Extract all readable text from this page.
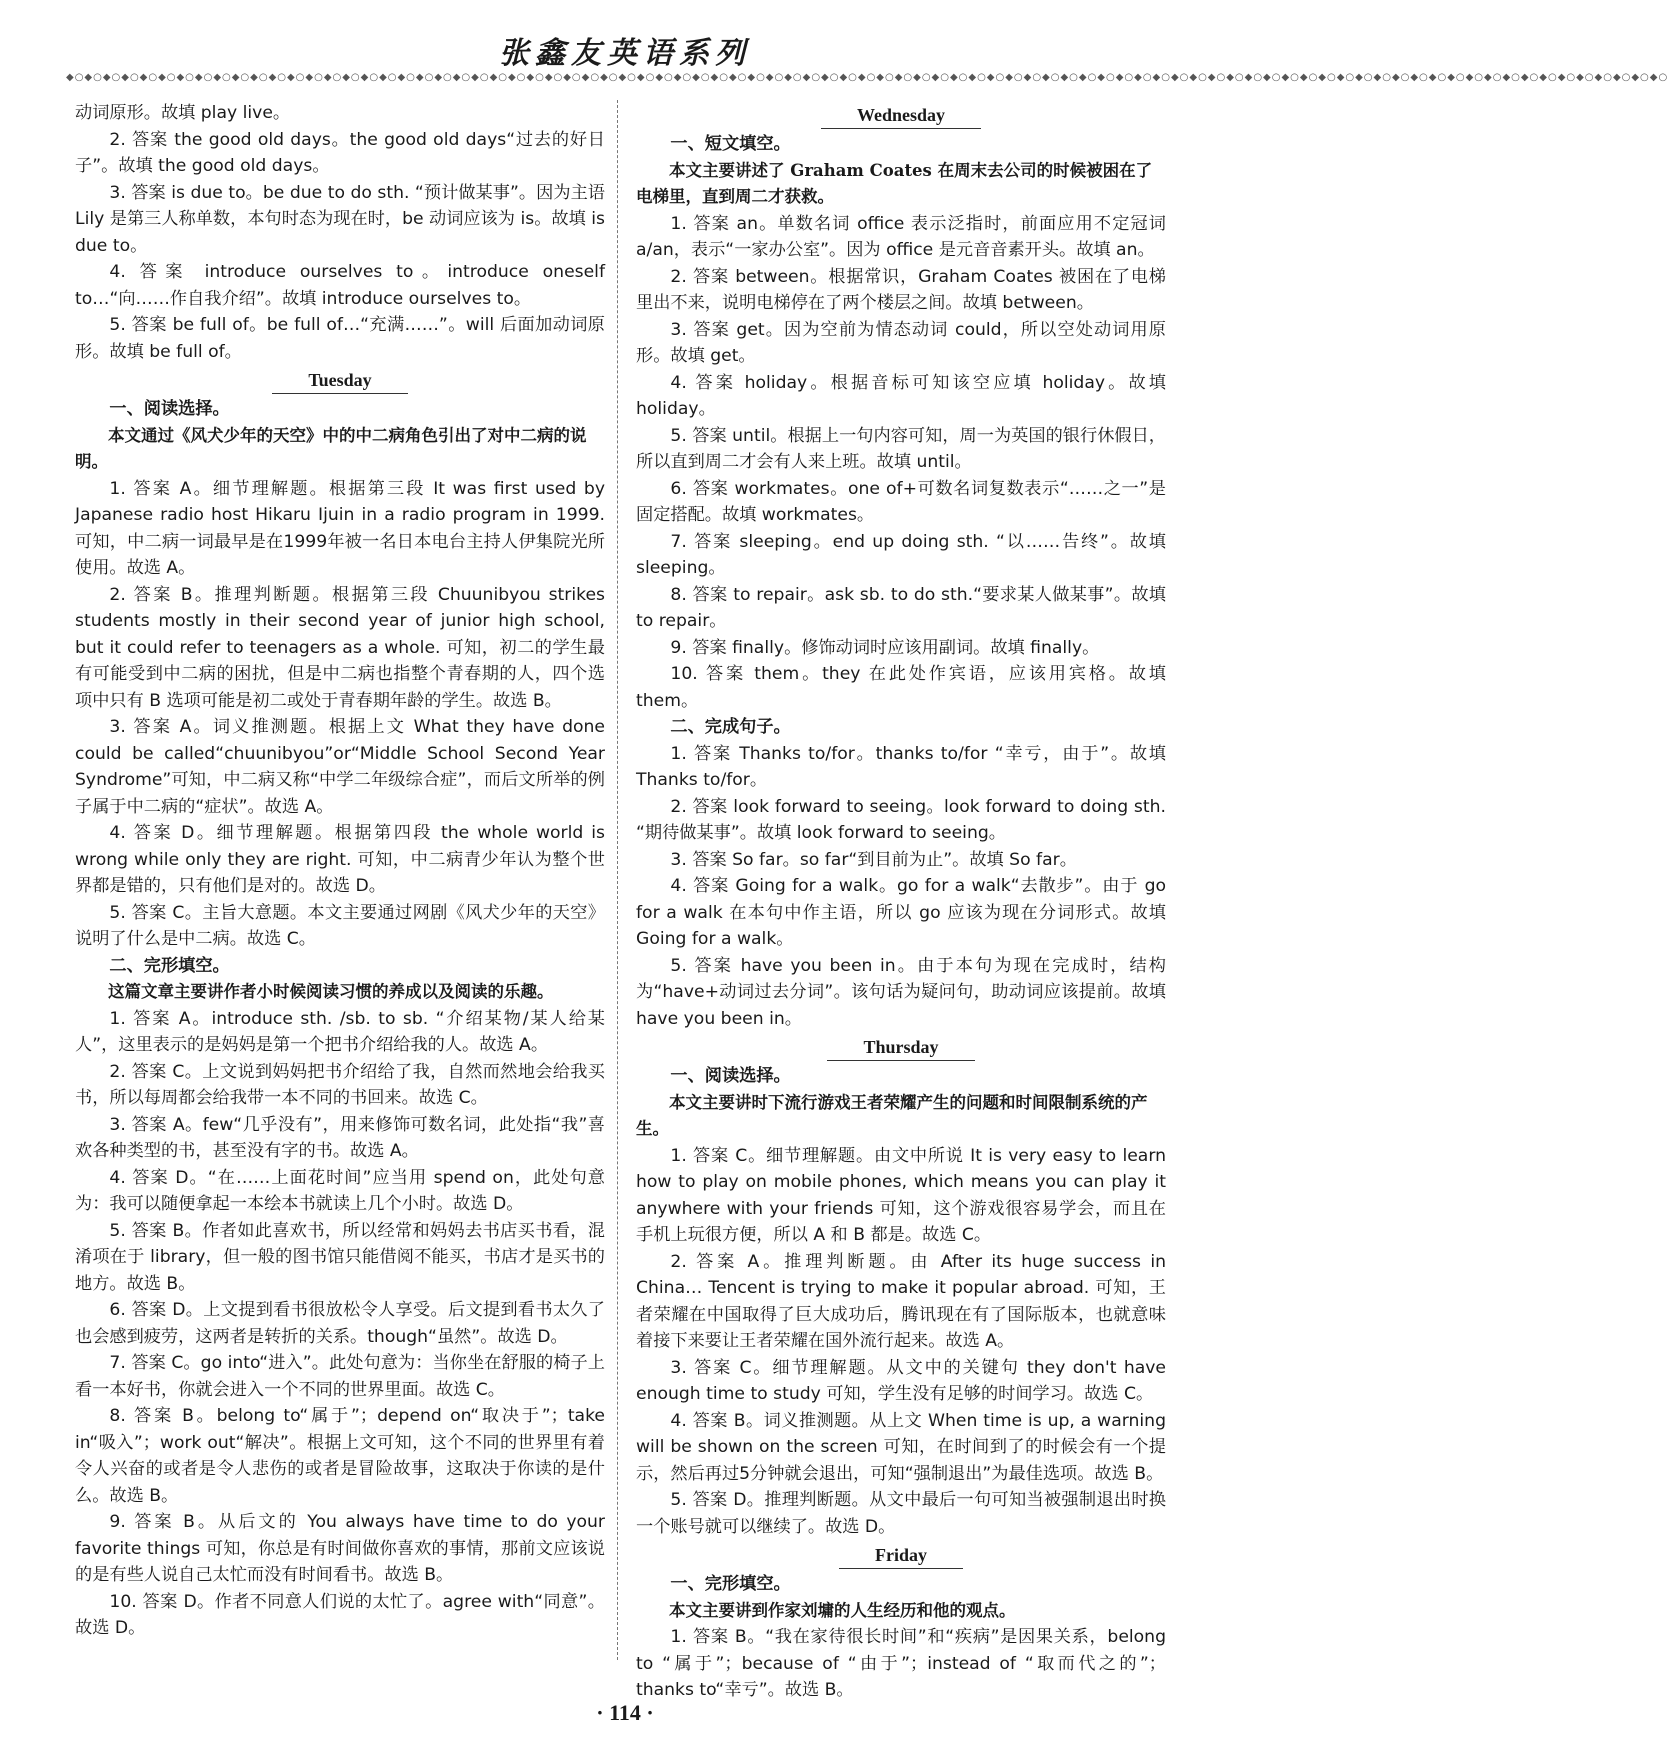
张鑫友英语系列
◆○◆○◆○◆○◆○◆○◆○◆○◆○◆○◆○◆○◆○◆○◆○◆○◆○◆○◆○◆○◆○◆○◆○◆○◆○◆○◆○◆○◆○◆○◆○◆○◆○◆○◆○◆○◆○◆○◆○◆○◆○◆○◆○◆○◆○◆○◆○◆○◆○◆○◆○◆○◆○◆○◆○◆○◆○◆○◆○◆○◆○◆○◆○◆○◆○◆○◆○◆○◆○◆○◆○◆○◆○◆○◆○◆○◆○◆○◆○◆○◆○◆○◆○◆○◆○◆○◆○

动词原形。故填 play live。

2. 答案 the good old days。the good old days“过去的好日子”。故填 the good old days。

3. 答案 is due to。be due to do sth. “预计做某事”。因为主语 Lily 是第三人称单数，本句时态为现在时，be 动词应该为 is。故填 is due to。

4. 答案 introduce ourselves to。introduce oneself to…“向……作自我介绍”。故填 introduce ourselves to。

5. 答案 be full of。be full of…“充满……”。will 后面加动词原形。故填 be full of。

Tuesday

一、阅读选择。

本文通过《风犬少年的天空》中的中二病角色引出了对中二病的说明。

1. 答案 A。细节理解题。根据第三段 It was first used by Japanese radio host Hikaru Ijuin in a radio program in 1999. 可知，中二病一词最早是在1999年被一名日本电台主持人伊集院光所使用。故选 A。

2. 答案 B。推理判断题。根据第三段 Chuunibyou strikes students mostly in their second year of junior high school, but it could refer to teenagers as a whole. 可知，初二的学生最有可能受到中二病的困扰，但是中二病也指整个青春期的人，四个选项中只有 B 选项可能是初二或处于青春期年龄的学生。故选 B。

3. 答案 A。词义推测题。根据上文 What they have done could be called“chuunibyou”or“Middle School Second Year Syndrome”可知，中二病又称“中学二年级综合症”，而后文所举的例子属于中二病的“症状”。故选 A。

4. 答案 D。细节理解题。根据第四段 the whole world is wrong while only they are right. 可知，中二病青少年认为整个世界都是错的，只有他们是对的。故选 D。

5. 答案 C。主旨大意题。本文主要通过网剧《风犬少年的天空》说明了什么是中二病。故选 C。

二、完形填空。

这篇文章主要讲作者小时候阅读习惯的养成以及阅读的乐趣。

1. 答案 A。introduce sth. /sb. to sb. “介绍某物/某人给某人”，这里表示的是妈妈是第一个把书介绍给我的人。故选 A。

2. 答案 C。上文说到妈妈把书介绍给了我，自然而然地会给我买书，所以每周都会给我带一本不同的书回来。故选 C。

3. 答案 A。few“几乎没有”，用来修饰可数名词，此处指“我”喜欢各种类型的书，甚至没有字的书。故选 A。

4. 答案 D。“在……上面花时间”应当用 spend on，此处句意为：我可以随便拿起一本绘本书就读上几个小时。故选 D。

5. 答案 B。作者如此喜欢书，所以经常和妈妈去书店买书看，混淆项在于 library，但一般的图书馆只能借阅不能买，书店才是买书的地方。故选 B。

6. 答案 D。上文提到看书很放松令人享受。后文提到看书太久了也会感到疲劳，这两者是转折的关系。though“虽然”。故选 D。

7. 答案 C。go into“进入”。此处句意为：当你坐在舒服的椅子上看一本好书，你就会进入一个不同的世界里面。故选 C。

8. 答案 B。belong to“属于”；depend on“取决于”；take in“吸入”；work out“解决”。根据上文可知，这个不同的世界里有着令人兴奋的或者是令人悲伤的或者是冒险故事，这取决于你读的是什么。故选 B。

9. 答案 B。从后文的 You always have time to do your favorite things 可知，你总是有时间做你喜欢的事情，那前文应该说的是有些人说自己太忙而没有时间看书。故选 B。

10. 答案 D。作者不同意人们说的太忙了。agree with“同意”。故选 D。

Wednesday

一、短文填空。

本文主要讲述了 Graham Coates 在周末去公司的时候被困在了电梯里，直到周二才获救。

1. 答案 an。单数名词 office 表示泛指时，前面应用不定冠词 a/an，表示“一家办公室”。因为 office 是元音音素开头。故填 an。

2. 答案 between。根据常识，Graham Coates 被困在了电梯里出不来，说明电梯停在了两个楼层之间。故填 between。

3. 答案 get。因为空前为情态动词 could，所以空处动词用原形。故填 get。

4. 答案 holiday。根据音标可知该空应填 holiday。故填 holiday。

5. 答案 until。根据上一句内容可知，周一为英国的银行休假日，所以直到周二才会有人来上班。故填 until。

6. 答案 workmates。one of+可数名词复数表示“……之一”是固定搭配。故填 workmates。

7. 答案 sleeping。end up doing sth. “以……告终”。故填 sleeping。

8. 答案 to repair。ask sb. to do sth.“要求某人做某事”。故填 to repair。

9. 答案 finally。修饰动词时应该用副词。故填 finally。

10. 答案 them。they 在此处作宾语，应该用宾格。故填 them。

二、完成句子。

1. 答案 Thanks to/for。thanks to/for “幸亏，由于”。故填 Thanks to/for。

2. 答案 look forward to seeing。look forward to doing sth. “期待做某事”。故填 look forward to seeing。

3. 答案 So far。so far“到目前为止”。故填 So far。

4. 答案 Going for a walk。go for a walk“去散步”。由于 go for a walk 在本句中作主语，所以 go 应该为现在分词形式。故填 Going for a walk。

5. 答案 have you been in。由于本句为现在完成时，结构为“have+动词过去分词”。该句话为疑问句，助动词应该提前。故填 have you been in。

Thursday

一、阅读选择。

本文主要讲时下流行游戏王者荣耀产生的问题和时间限制系统的产生。

1. 答案 C。细节理解题。由文中所说 It is very easy to learn how to play on mobile phones, which means you can play it anywhere with your friends 可知，这个游戏很容易学会，而且在手机上玩很方便，所以 A 和 B 都是。故选 C。

2. 答案 A。推理判断题。由 After its huge success in China… Tencent is trying to make it popular abroad. 可知，王者荣耀在中国取得了巨大成功后，腾讯现在有了国际版本，也就意味着接下来要让王者荣耀在国外流行起来。故选 A。

3. 答案 C。细节理解题。从文中的关键句 they don't have enough time to study 可知，学生没有足够的时间学习。故选 C。

4. 答案 B。词义推测题。从上文 When time is up, a warning will be shown on the screen 可知，在时间到了的时候会有一个提示，然后再过5分钟就会退出，可知“强制退出”为最佳选项。故选 B。

5. 答案 D。推理判断题。从文中最后一句可知当被强制退出时换一个账号就可以继续了。故选 D。

Friday

一、完形填空。

本文主要讲到作家刘墉的人生经历和他的观点。

1. 答案 B。“我在家待很长时间”和“疾病”是因果关系，belong to “属于”；because of “由于”；instead of “取而代之的”；thanks to“幸亏”。故选 B。

· 114 ·
